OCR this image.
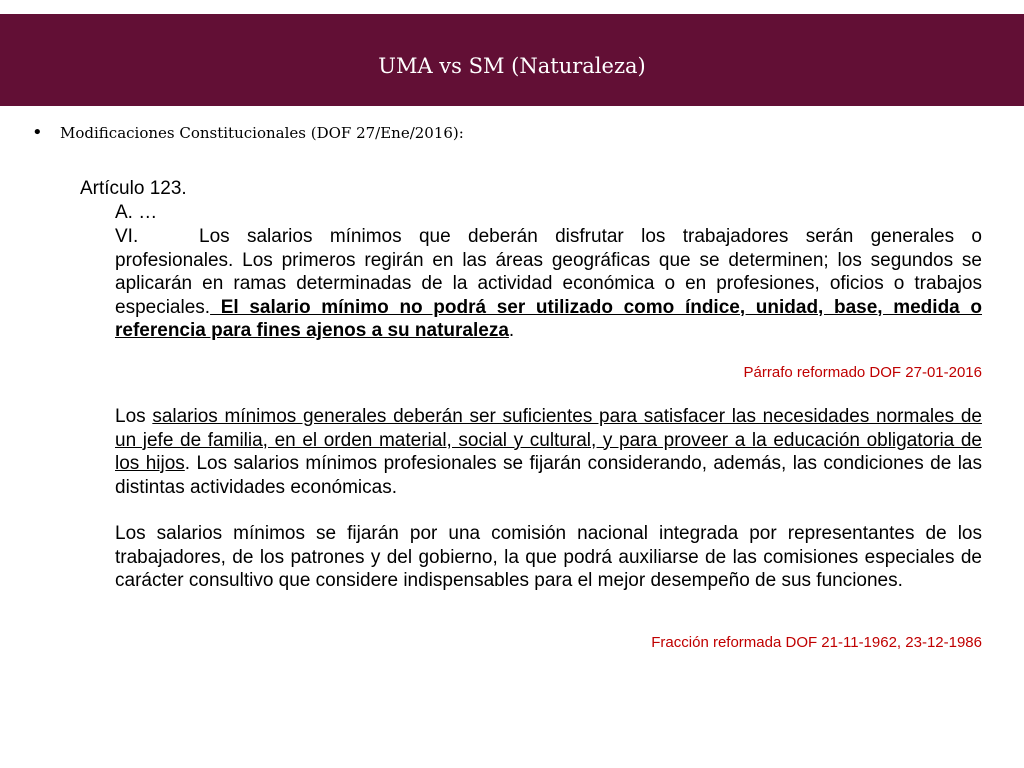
UMA vs SM (Naturaleza)
• Modificaciones Constitucionales (DOF 27/Ene/2016):
Artículo 123.
A. …
VI.	Los salarios mínimos que deberán disfrutar los trabajadores serán generales o profesionales. Los primeros regirán en las áreas geográficas que se determinen; los segundos se aplicarán en ramas determinadas de la actividad económica o en profesiones, oficios o trabajos especiales. El salario mínimo no podrá ser utilizado como índice, unidad, base, medida o referencia para fines ajenos a su naturaleza.
Párrafo reformado DOF 27-01-2016
Los salarios mínimos generales deberán ser suficientes para satisfacer las necesidades normales de un jefe de familia, en el orden material, social y cultural, y para proveer a la educación obligatoria de los hijos. Los salarios mínimos profesionales se fijarán considerando, además, las condiciones de las distintas actividades económicas.
Los salarios mínimos se fijarán por una comisión nacional integrada por representantes de los trabajadores, de los patrones y del gobierno, la que podrá auxiliarse de las comisiones especiales de carácter consultivo que considere indispensables para el mejor desempeño de sus funciones.
Fracción reformada DOF 21-11-1962, 23-12-1986
